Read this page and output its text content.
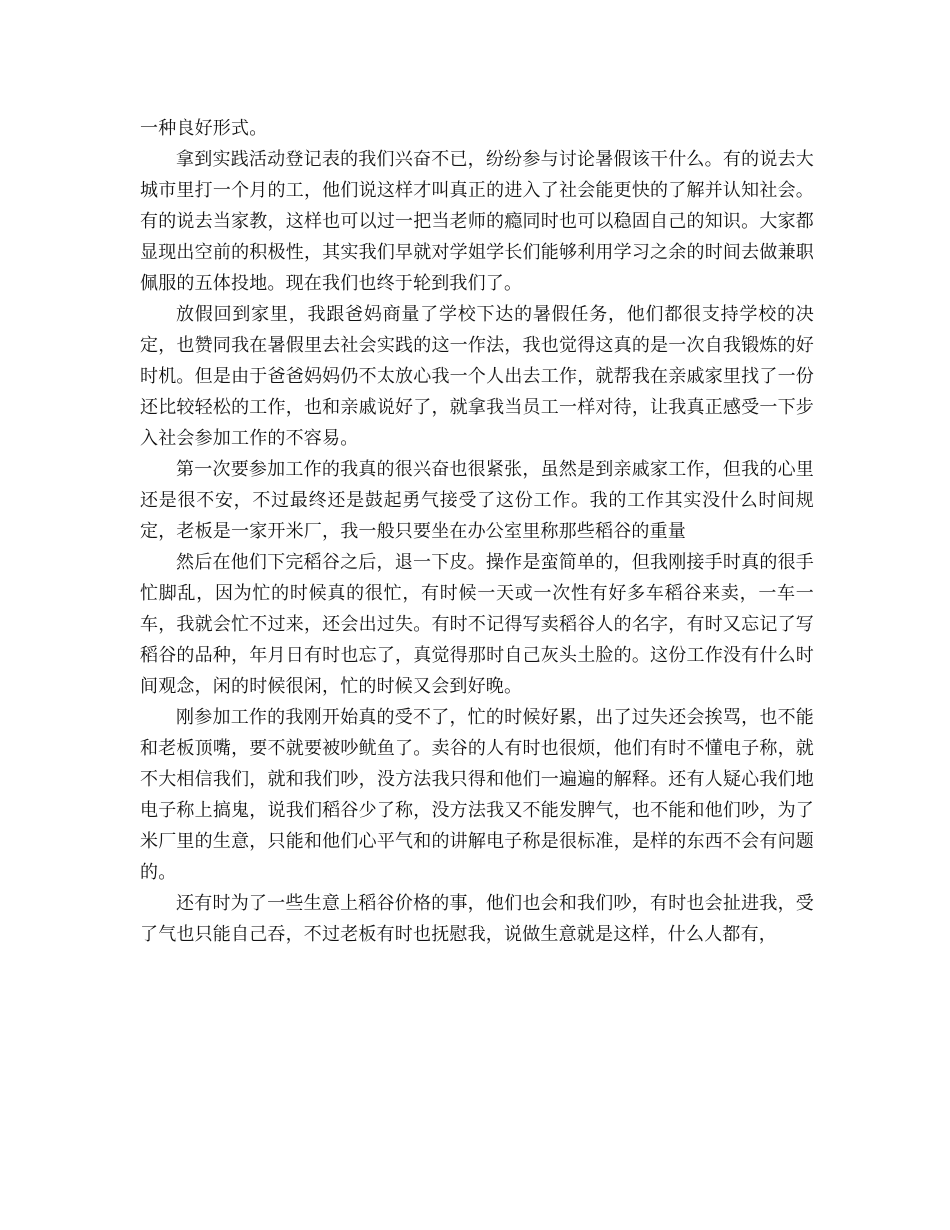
一种良好形式。

拿到实践活动登记表的我们兴奋不已，纷纷参与讨论暑假该干什么。有的说去大城市里打一个月的工，他们说这样才叫真正的进入了社会能更快的了解并认知社会。有的说去当家教，这样也可以过一把当老师的瘾同时也可以稳固自己的知识。大家都显现出空前的积极性，其实我们早就对学姐学长们能够利用学习之余的时间去做兼职佩服的五体投地。现在我们也终于轮到我们了。

放假回到家里，我跟爸妈商量了学校下达的暑假任务，他们都很支持学校的决定，也赞同我在暑假里去社会实践的这一作法，我也觉得这真的是一次自我锻炼的好时机。但是由于爸爸妈妈仍不太放心我一个人出去工作，就帮我在亲戚家里找了一份还比较轻松的工作，也和亲戚说好了，就拿我当员工一样对待，让我真正感受一下步入社会参加工作的不容易。

第一次要参加工作的我真的很兴奋也很紧张，虽然是到亲戚家工作，但我的心里还是很不安，不过最终还是鼓起勇气接受了这份工作。我的工作其实没什么时间规定，老板是一家开米厂，我一般只要坐在办公室里称那些稻谷的重量

然后在他们下完稻谷之后，退一下皮。操作是蛮简单的，但我刚接手时真的很手忙脚乱，因为忙的时候真的很忙，有时候一天或一次性有好多车稻谷来卖，一车一车，我就会忙不过来，还会出过失。有时不记得写卖稻谷人的名字，有时又忘记了写稻谷的品种，年月日有时也忘了，真觉得那时自己灰头土脸的。这份工作没有什么时间观念，闲的时候很闲，忙的时候又会到好晚。

刚参加工作的我刚开始真的受不了，忙的时候好累，出了过失还会挨骂，也不能和老板顶嘴，要不就要被吵鱿鱼了。卖谷的人有时也很烦，他们有时不懂电子称，就不大相信我们，就和我们吵，没方法我只得和他们一遍遍的解释。还有人疑心我们地电子称上搞鬼，说我们稻谷少了称，没方法我又不能发脾气，也不能和他们吵，为了米厂里的生意，只能和他们心平气和的讲解电子称是很标准，是样的东西不会有问题的。

还有时为了一些生意上稻谷价格的事，他们也会和我们吵，有时也会扯进我，受了气也只能自己吞，不过老板有时也抚慰我，说做生意就是这样，什么人都有，
